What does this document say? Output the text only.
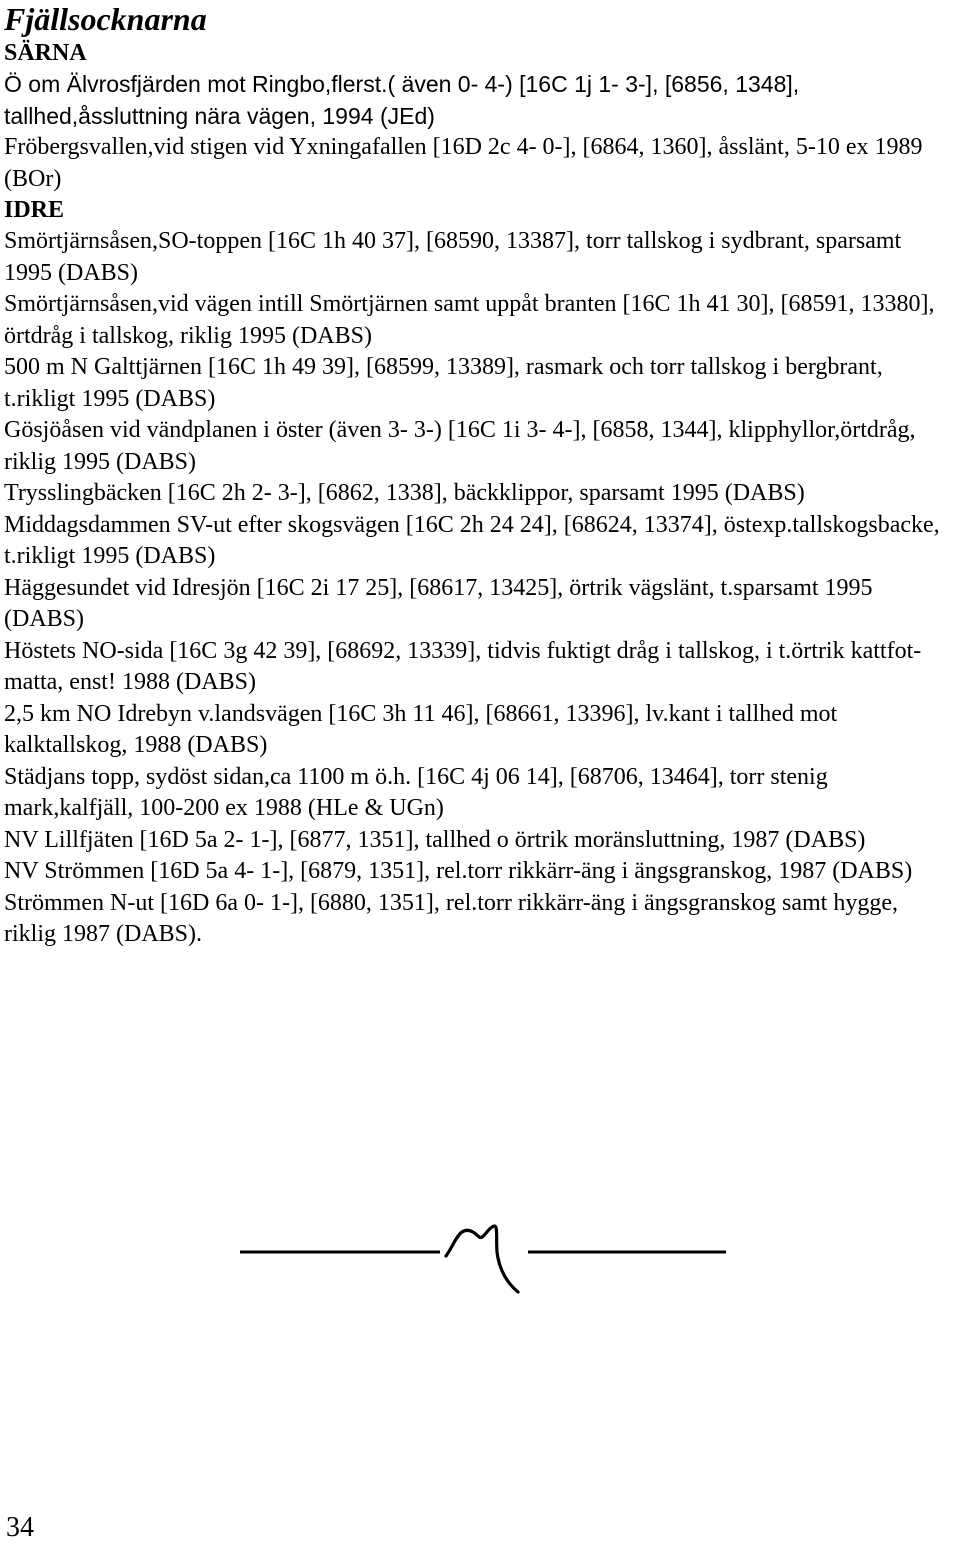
Fjällsocknarna
SÄRNA

Ö om Älvrosfjärden mot Ringbo,flerst.( även 0- 4-) [16C 1j 1- 3-], [6856, 1348], tallhed,åssluttning nära vägen, 1994 (JEd)

Fröbergsvallen,vid stigen vid Yxningafallen [16D 2c 4- 0-], [6864, 1360], åsslänt, 5-10 ex 1989 (BOr)

IDRE

Smörtjärnsåsen,SO-toppen [16C 1h 40 37], [68590, 13387], torr tallskog i sydbrant, sparsamt 1995 (DABS)

Smörtjärnsåsen,vid vägen intill Smörtjärnen samt uppåt branten [16C 1h 41 30], [68591, 13380], örtdråg i tallskog, riklig 1995 (DABS)

500 m N Galttjärnen [16C 1h 49 39], [68599, 13389], rasmark och torr tallskog i bergbrant, t.rikligt 1995 (DABS)

Gösjöåsen vid vändplanen i öster (även 3- 3-) [16C 1i 3- 4-], [6858, 1344], klipphyllor,örtdråg, riklig 1995 (DABS)

Trysslingbäcken [16C 2h 2- 3-], [6862, 1338], bäckklippor, sparsamt 1995 (DABS)

Middagsdammen SV-ut efter skogsvägen [16C 2h 24 24], [68624, 13374], östexp.tallskogsbacke, t.rikligt 1995 (DABS)

Häggesundet vid Idresjön [16C 2i 17 25], [68617, 13425], örtrik vägslänt, t.sparsamt 1995 (DABS)

Höstets NO-sida [16C 3g 42 39], [68692, 13339], tidvis fuktigt dråg i tallskog, i t.örtrik kattfot-matta, enst! 1988 (DABS)

2,5 km NO Idrebyn v.landsvägen [16C 3h 11 46], [68661, 13396], lv.kant i tallhed mot kalktallskog, 1988 (DABS)

Städjans topp, sydöst sidan,ca 1100 m ö.h. [16C 4j 06 14], [68706, 13464], torr stenig mark,kalfjäll, 100-200 ex 1988 (HLe & UGn)

NV Lillfjäten [16D 5a 2- 1-], [6877, 1351], tallhed o örtrik moränsluttning, 1987 (DABS)

NV Strömmen [16D 5a 4- 1-], [6879, 1351], rel.torr rikkärr-äng i ängsgranskog, 1987 (DABS)

Strömmen N-ut [16D 6a 0- 1-], [6880, 1351], rel.torr rikkärr-äng i ängsgranskog samt hygge, riklig 1987 (DABS).

34
